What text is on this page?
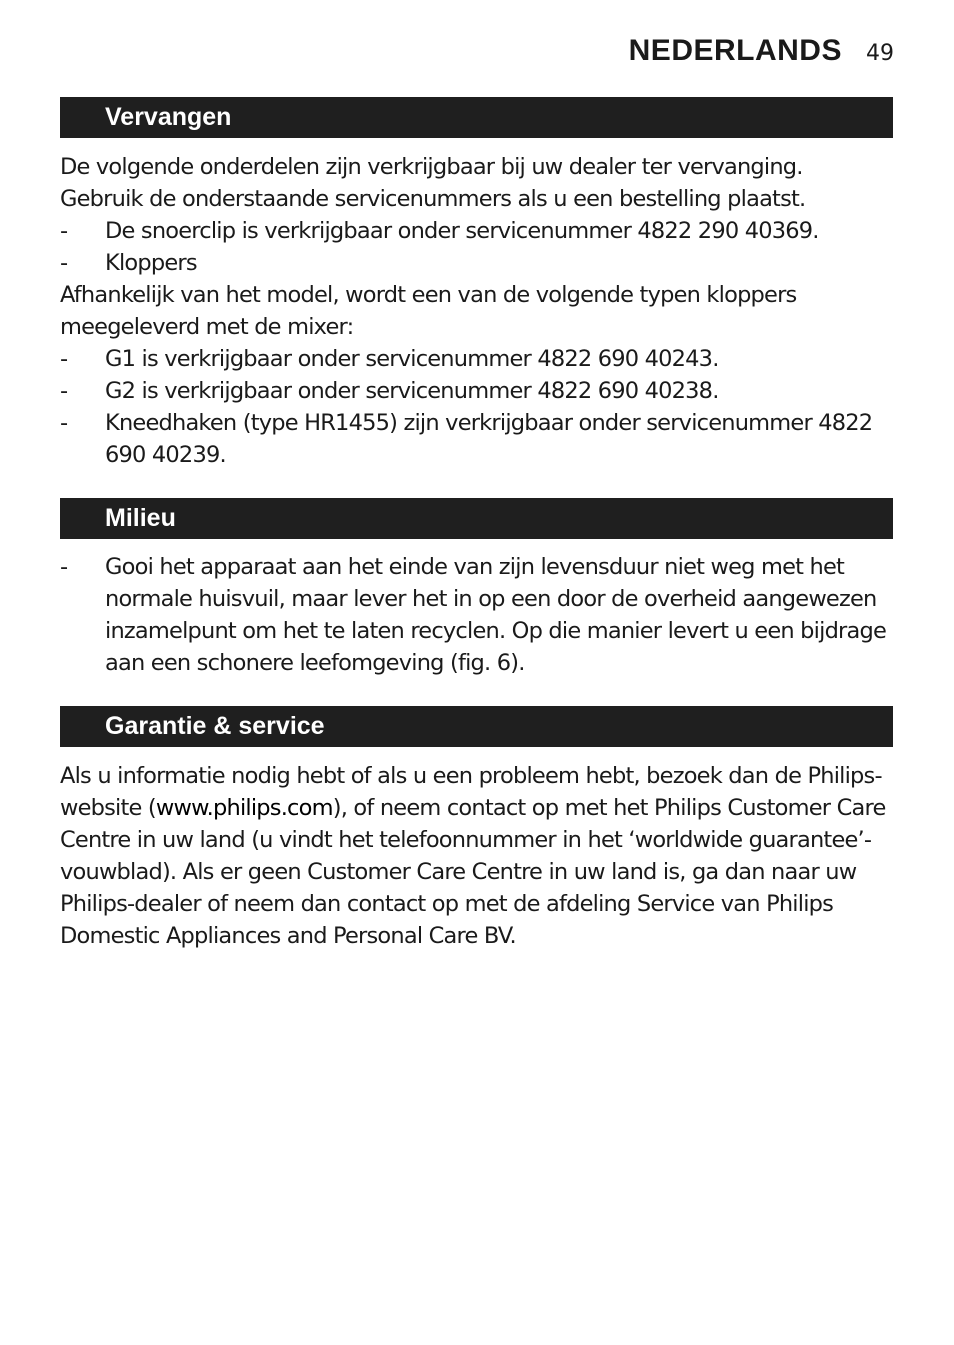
NEDERLANDS 49
Vervangen

De volgende onderdelen zijn verkrijgbaar bij uw dealer ter vervanging. Gebruik de onderstaande servicenummers als u een bestelling plaatst.

- De snoerclip is verkrijgbaar onder servicenummer 4822 290 40369.
- Kloppers

Afhankelijk van het model, wordt een van de volgende typen kloppers meegeleverd met de mixer:

- G1 is verkrijgbaar onder servicenummer 4822 690 40243.
- G2 is verkrijgbaar onder servicenummer 4822 690 40238.
- Kneedhaken (type HR1455) zijn verkrijgbaar onder servicenummer 4822 690 40239.
Milieu
- Gooi het apparaat aan het einde van zijn levensduur niet weg met het normale huisvuil, maar lever het in op een door de overheid aangewezen inzamelpunt om het te laten recyclen. Op die manier levert u een bijdrage aan een schonere leefomgeving (fig. 6).
Garantie & service

Als u informatie nodig hebt of als u een probleem hebt, bezoek dan de Philips-website (www.philips.com), of neem contact op met het Philips Customer Care Centre in uw land (u vindt het telefoonnummer in het ‘worldwide guarantee’-vouwblad). Als er geen Customer Care Centre in uw land is, ga dan naar uw Philips-dealer of neem dan contact op met de afdeling Service van Philips Domestic Appliances and Personal Care BV.
